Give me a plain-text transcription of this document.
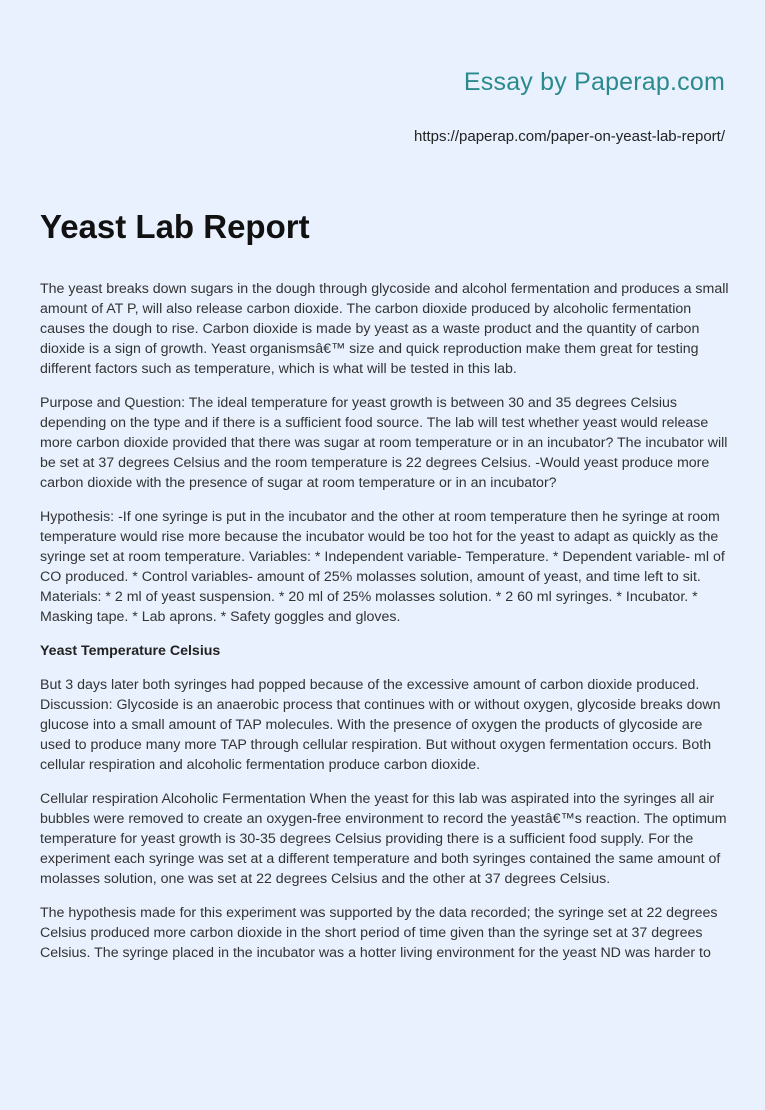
Essay by Paperap.com
https://paperap.com/paper-on-yeast-lab-report/
Yeast Lab Report

The yeast breaks down sugars in the dough through glycoside and alcohol fermentation and produces a small amount of AT P, will also release carbon dioxide. The carbon dioxide produced by alcoholic fermentation causes the dough to rise. Carbon dioxide is made by yeast as a waste product and the quantity of carbon dioxide is a sign of growth. Yeast organismsâ€™ size and quick reproduction make them great for testing different factors such as temperature, which is what will be tested in this lab.

Purpose and Question: The ideal temperature for yeast growth is between 30 and 35 degrees Celsius depending on the type and if there is a sufficient food source. The lab will test whether yeast would release more carbon dioxide provided that there was sugar at room temperature or in an incubator? The incubator will be set at 37 degrees Celsius and the room temperature is 22 degrees Celsius. -Would yeast produce more carbon dioxide with the presence of sugar at room temperature or in an incubator?

Hypothesis: -If one syringe is put in the incubator and the other at room temperature then he syringe at room temperature would rise more because the incubator would be too hot for the yeast to adapt as quickly as the syringe set at room temperature. Variables: * Independent variable- Temperature. * Dependent variable- ml of CO produced. * Control variables- amount of 25% molasses solution, amount of yeast, and time left to sit. Materials: * 2 ml of yeast suspension. * 20 ml of 25% molasses solution. * 2 60 ml syringes. * Incubator. * Masking tape. * Lab aprons. * Safety goggles and gloves.

Yeast Temperature Celsius

But 3 days later both syringes had popped because of the excessive amount of carbon dioxide produced. Discussion: Glycoside is an anaerobic process that continues with or without oxygen, glycoside breaks down glucose into a small amount of TAP molecules. With the presence of oxygen the products of glycoside are used to produce many more TAP through cellular respiration. But without oxygen fermentation occurs. Both cellular respiration and alcoholic fermentation produce carbon dioxide.

Cellular respiration Alcoholic Fermentation When the yeast for this lab was aspirated into the syringes all air bubbles were removed to create an oxygen-free environment to record the yeastâ€™s reaction. The optimum temperature for yeast growth is 30-35 degrees Celsius providing there is a sufficient food supply. For the experiment each syringe was set at a different temperature and both syringes contained the same amount of molasses solution, one was set at 22 degrees Celsius and the other at 37 degrees Celsius.

The hypothesis made for this experiment was supported by the data recorded; the syringe set at 22 degrees Celsius produced more carbon dioxide in the short period of time given than the syringe set at 37 degrees Celsius. The syringe placed in the incubator was a hotter living environment for the yeast ND was harder to
